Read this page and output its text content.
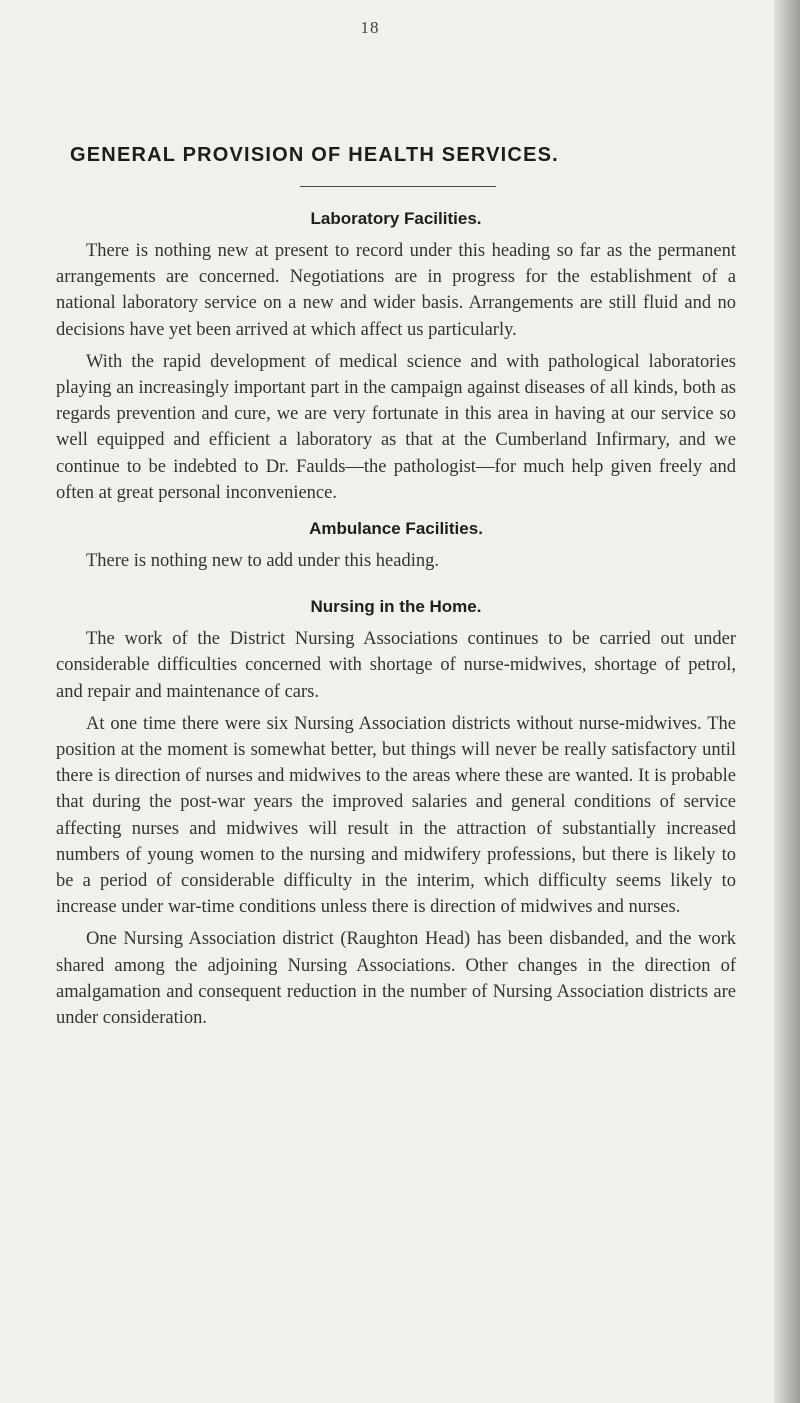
18
GENERAL PROVISION OF HEALTH SERVICES.
Laboratory Facilities.

There is nothing new at present to record under this heading so far as the permanent arrangements are concerned. Negotiations are in progress for the establishment of a national laboratory service on a new and wider basis. Arrangements are still fluid and no decisions have yet been arrived at which affect us particularly.

With the rapid development of medical science and with pathological laboratories playing an increasingly important part in the campaign against diseases of all kinds, both as regards prevention and cure, we are very fortunate in this area in having at our service so well equipped and efficient a laboratory as that at the Cumberland Infirmary, and we continue to be indebted to Dr. Faulds—the pathologist—for much help given freely and often at great personal inconvenience.

Ambulance Facilities.

There is nothing new to add under this heading.

Nursing in the Home.

The work of the District Nursing Associations continues to be carried out under considerable difficulties concerned with shortage of nurse-midwives, shortage of petrol, and repair and maintenance of cars.

At one time there were six Nursing Association districts without nurse-midwives. The position at the moment is somewhat better, but things will never be really satisfactory until there is direction of nurses and midwives to the areas where these are wanted. It is probable that during the post-war years the improved salaries and general conditions of service affecting nurses and midwives will result in the attraction of substantially increased numbers of young women to the nursing and midwifery professions, but there is likely to be a period of considerable difficulty in the interim, which difficulty seems likely to increase under war-time conditions unless there is direction of midwives and nurses.

One Nursing Association district (Raughton Head) has been disbanded, and the work shared among the adjoining Nursing Associations. Other changes in the direction of amalgamation and consequent reduction in the number of Nursing Association districts are under consideration.
